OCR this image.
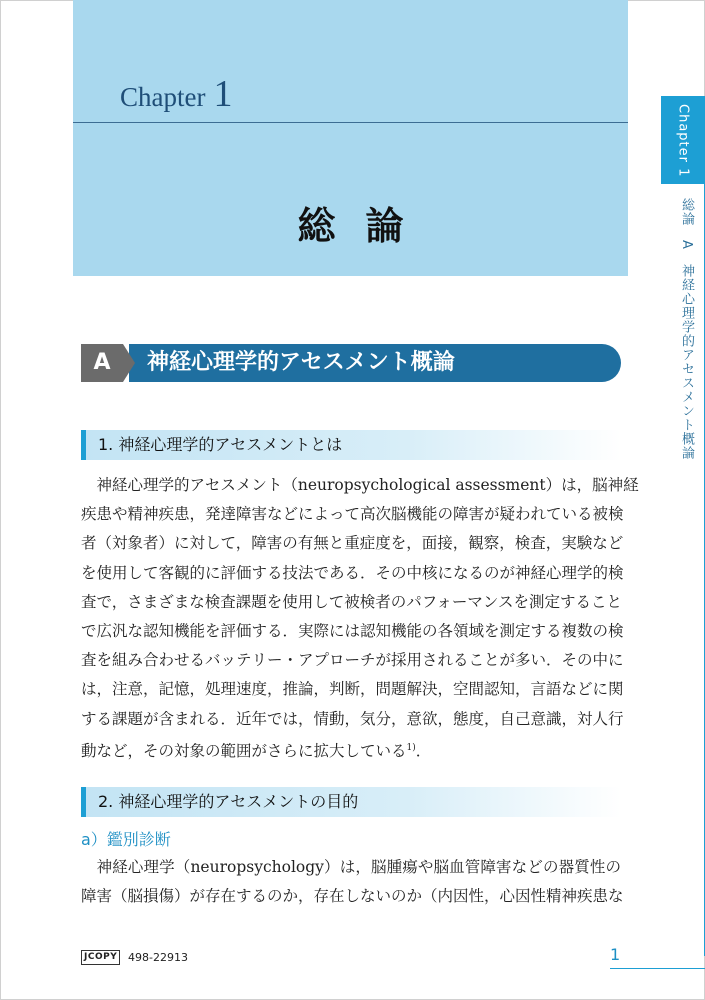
Chapter 1
総論
Chapter 1
総論　A　神経心理学的アセスメント概論
A	神経心理学的アセスメント概論
1. 神経心理学的アセスメントとは
　神経心理学的アセスメント（neuropsychological assessment）は，脳神経
疾患や精神疾患，発達障害などによって高次脳機能の障害が疑われている被検
者（対象者）に対して，障害の有無と重症度を，面接，観察，検査，実験など
を使用して客観的に評価する技法である．その中核になるのが神経心理学的検
査で，さまざまな検査課題を使用して被検者のパフォーマンスを測定すること
で広汎な認知機能を評価する．実際には認知機能の各領域を測定する複数の検
査を組み合わせるバッテリー・アプローチが採用されることが多い．その中に
は，注意，記憶，処理速度，推論，判断，問題解決，空間認知，言語などに関
する課題が含まれる．近年では，情動，気分，意欲，態度，自己意識，対人行
動など，その対象の範囲がさらに拡大している$^{1)}$．
2. 神経心理学的アセスメントの目的
a）鑑別診断
　神経心理学（neuropsychology）は，脳腫瘍や脳血管障害などの器質性の
障害（脳損傷）が存在するのか，存在しないのか（内因性，心因性精神疾患な
JCOPY 498-22913	1
